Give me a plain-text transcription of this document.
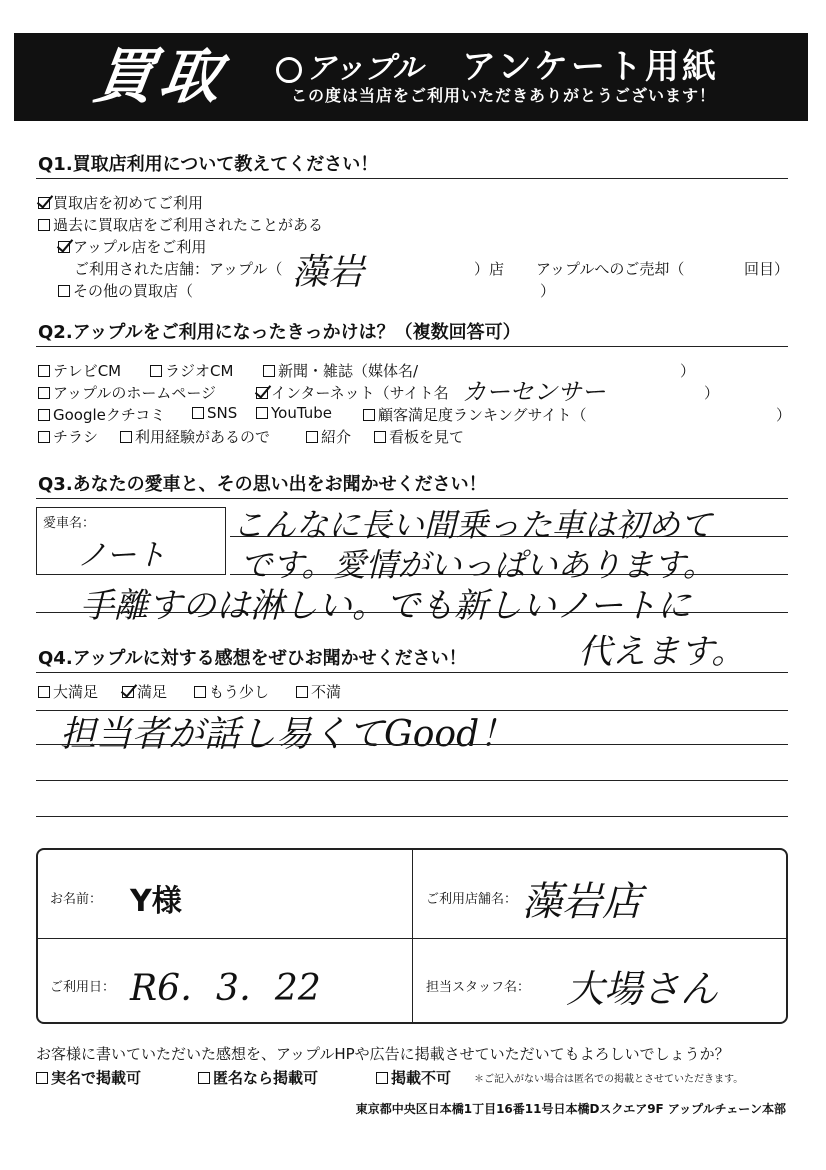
買取	アップル アンケート用紙
この度は当店をご利用いただきありがとうございます！
Q1.買取店利用について教えてください！
買取店を初めてご利用
過去に買取店をご利用されたことがある
アップル店をご利用
ご利用された店舗：アップル（ 藻岩	）店 アップルへのご売却（	回目）
その他の買取店（	）
Q2.アップルをご利用になったきっかけは？（複数回答可）
テレビCM	ラジオCM	新聞・雑誌（媒体名/	）
アップルのホームページ	インターネット（サイト名 カーセンサー	）
Googleクチコミ	SNS	YouTube	顧客満足度ランキングサイト（	）
チラシ	利用経験があるので	紹介	看板を見て
Q3.あなたの愛車と、その思い出をお聞かせください！
愛車名：
ノート
こんなに長い間乗った車は初めて
です。愛情がいっぱいあります。
手離すのは淋しい。でも新しいノートに
Q4.アップルに対する感想をぜひお聞かせください！	代えます。
大満足	満足	もう少し	不満
担当者が話し易くてGood！
お名前： Y様	ご利用店舗名： 藻岩店
ご利用日： R6．3．22	担当スタッフ名： 大場さん
お客様に書いていただいた感想を、アップルHPや広告に掲載させていただいてもよろしいでしょうか？
実名で掲載可	匿名なら掲載可	掲載不可 ＊ご記入がない場合は匿名での掲載とさせていただきます。
東京都中央区日本橋1丁目16番11号日本橋Dスクエア9F アップルチェーン本部
